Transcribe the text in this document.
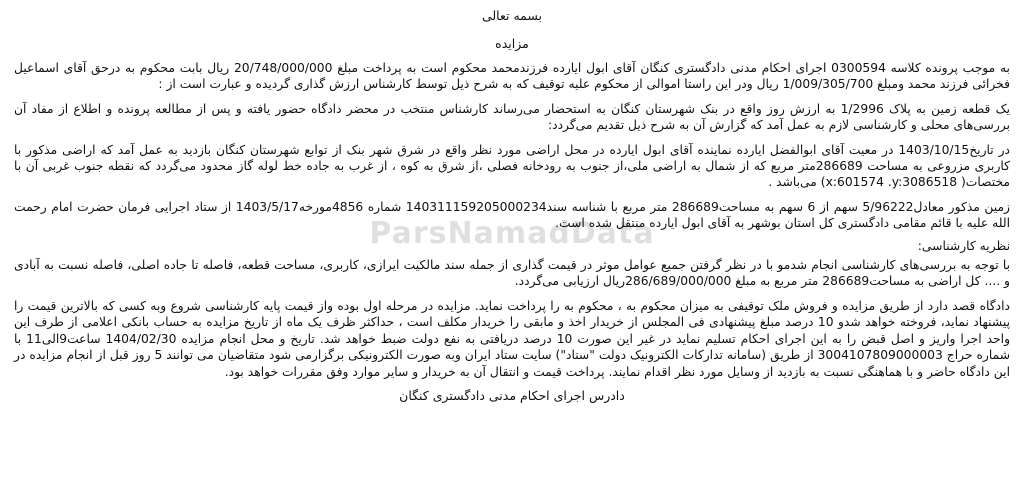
بسمه تعالی

مزایده

به موجب پرونده کلاسه 0300594 اجرای احکام مدنی دادگستری کنگان آقای ابول ایارده فرزندمحمد محکوم است به پرداخت مبلغ 20/748/000/000 ریال بابت محکوم به درحق آقای اسماعیل فخرائی فرزند محمد ومبلغ 1/009/305/700 ریال ودر این راستا اموالی از محکوم علیه توقیف که به شرح ذیل توسط کارشناس ارزش گذاری گردیده و عبارت است از :

یک قطعه زمین به پلاک 1/2996 به ارزش روز واقع در بنک شهرستان کنگان به استحضار می‌رساند کارشناس منتخب در محضر دادگاه حضور یافته و پس از مطالعه پرونده و اطلاع از مفاد آن بررسی‌های محلی و کارشناسی لازم به عمل آمد که گزارش آن به شرح ذیل تقدیم می‌گردد:

در تاریخ1403/10/15 در معیت آقای ابوالفضل ایارده نماینده آقای ابول ایارده در محل اراضی مورد نظر واقع در شرق شهر بنک از توابع شهرستان کنگان بازدید به عمل آمد که اراضی مذکور با کاربری مزروعی به مساحت 286689متر مربع که از شمال به اراضی ملی،از جنوب به رودخانه فصلی ،از شرق به کوه ، از غرب به جاده خط لوله گاز محدود می‌گردد که نقطه جنوب غربی آن با مختصات( x:601574 .y:3086518) می‌باشد .

زمین مذکور معادل5/96222 سهم از 6 سهم به مساحت286689 متر مربع با شناسه سند140311159205000234 شماره 4856مورخه1403/5/17 از ستاد اجرایی فرمان حضرت امام رحمت الله علیه با قائم مقامی دادگستری کل استان بوشهر به آقای ابول ایارده منتقل شده است.

نظریه کارشناسی:

با توجه به بررسی‌های کارشناسی انجام شدمو با در نظر گرفتن جمیع عوامل موثر در قیمت گذاری از جمله سند مالکیت ایرازی، کاربری، مساحت قطعه، فاصله تا جاده اصلی، فاصله نسبت به آبادی و .... کل اراضی به مساحت286689 متر مربع به مبلغ 286/689/000/000ریال ارزیابی می‌گردد.

دادگاه قصد دارد از طریق مزایده و فروش ملک توقیفی به میزان محکوم به ، محکوم به را پرداخت نماید. مزایده در مرحله اول بوده واز قیمت پایه کارشناسی شروع وبه کسی که بالاترین قیمت را پیشنهاد نماید، فروخته خواهد شدو 10 درصد مبلغ پیشنهادی فی المجلس از خریدار اخذ و مابقی را خریدار مکلف است ، حداکثر ظرف یک ماه از تاریخ مزایده به حساب بانکی اعلامی از طرف این واحد اجرا واریز و اصل قبض را به این اجرای احکام تسلیم نماید در غیر این صورت 10 درصد دریافتی به نفع دولت ضبط خواهد شد. تاریخ و محل انجام مزایده 1404/02/30 ساعت9الی11 با شماره حراج 3004107809000003 از طریق (سامانه تدارکات الکترونیک دولت "ستاد") سایت ستاد ایران وبه صورت الکترونیکی برگزارمی شود متقاضیان می توانند 5 روز قبل از انجام مزایده در این دادگاه حاضر و با هماهنگی نسبت به بازدید از وسایل مورد نظر اقدام نمایند. پرداخت قیمت و انتقال آن به خریدار و سایر موارد وفق مقررات خواهد بود.

دادرس اجرای احکام مدنی دادگستری کنگان

ParsNamadData
